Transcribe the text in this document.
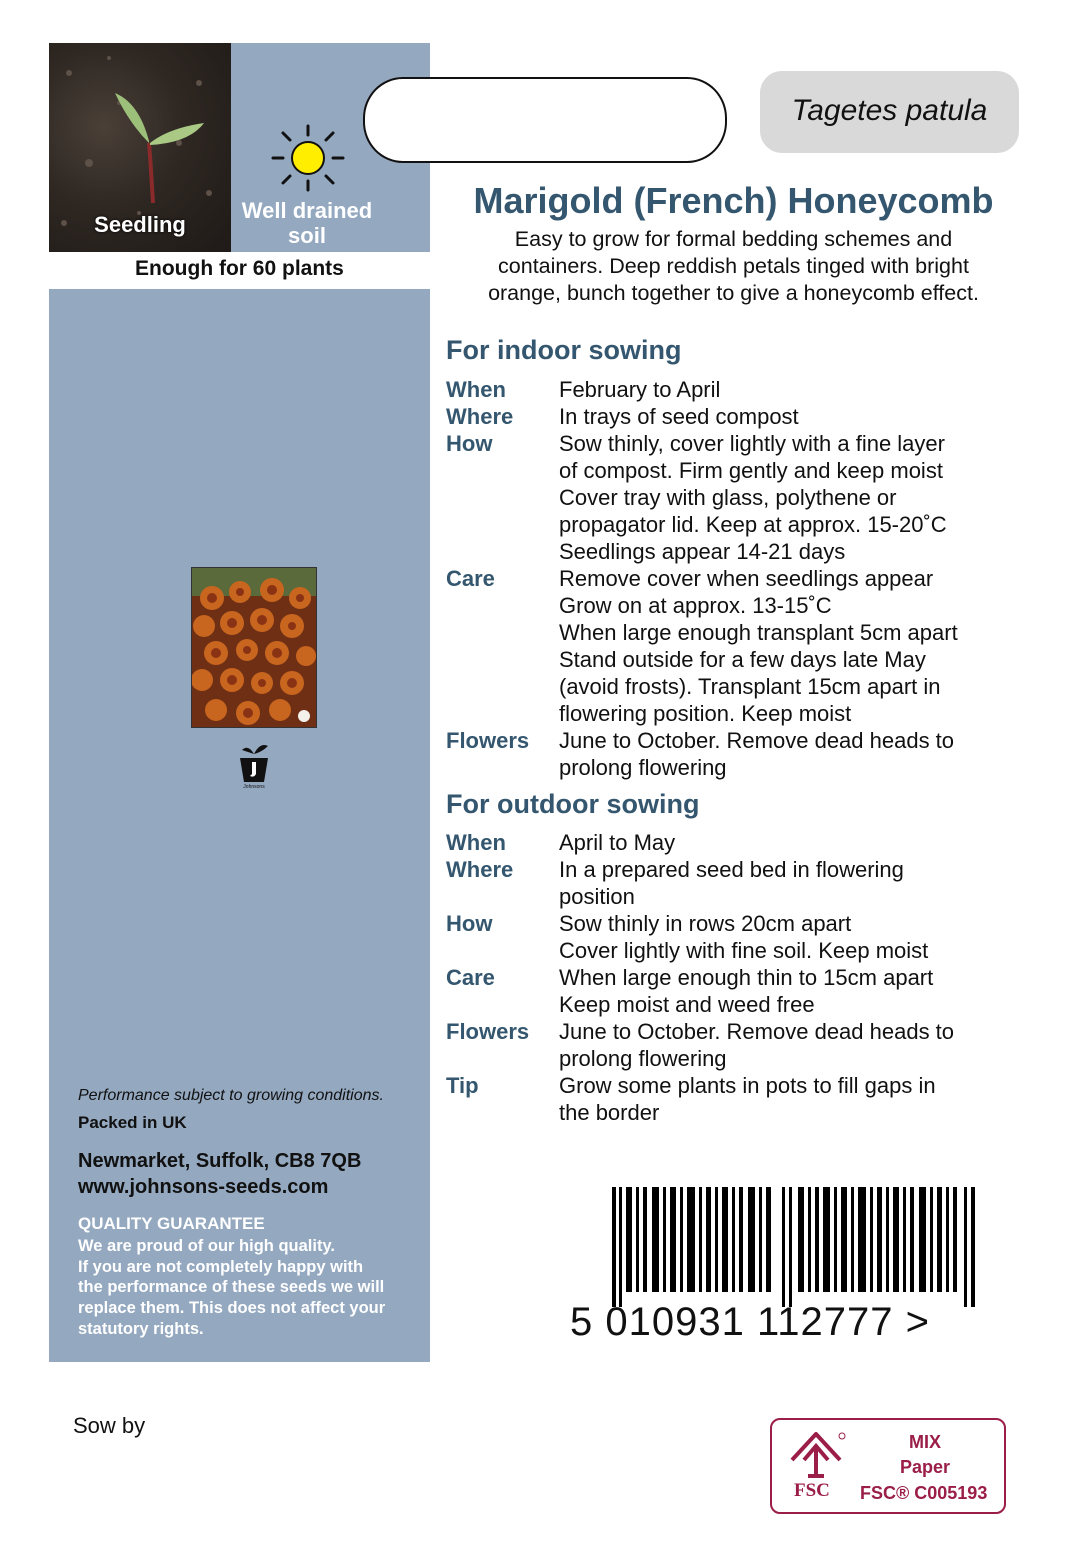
Seedling
Well drained
soil
Enough for 60 plants
Johnsons
Performance subject to growing conditions.
Packed in UK
Newmarket, Suffolk, CB8 7QB
www.johnsons-seeds.com
QUALITY GUARANTEE
We are proud of our high quality.
If you are not completely happy with
the performance of these seeds we will
replace them. This does not affect your
statutory rights.
Sow by
Tagetes patula
Marigold (French) Honeycomb
Easy to grow for formal bedding schemes and
containers. Deep reddish petals tinged with bright
orange, bunch together to give a honeycomb effect.
For indoor sowing
When	February to April
Where	In trays of seed compost
How	Sow thinly, cover lightly with a fine layer
of compost. Firm gently and keep moist
Cover tray with glass, polythene or
propagator lid. Keep at approx. 15-20˚C
Seedlings appear 14-21 days
Care	Remove cover when seedlings appear
Grow on at approx. 13-15˚C
When large enough transplant 5cm apart
Stand outside for a few days late May
(avoid frosts). Transplant 15cm apart in
flowering position. Keep moist
Flowers	June to October. Remove dead heads to
prolong flowering
For outdoor sowing
When	April to May
Where	In a prepared seed bed in flowering
position
How	Sow thinly in rows 20cm apart
Cover lightly with fine soil. Keep moist
Care	When large enough thin to 15cm apart
Keep moist and weed free
Flowers	June to October. Remove dead heads to
prolong flowering
Tip	Grow some plants in pots to fill gaps in
the border
5 010931 112777 >
FSC
MIX
Paper
FSC® C005193
